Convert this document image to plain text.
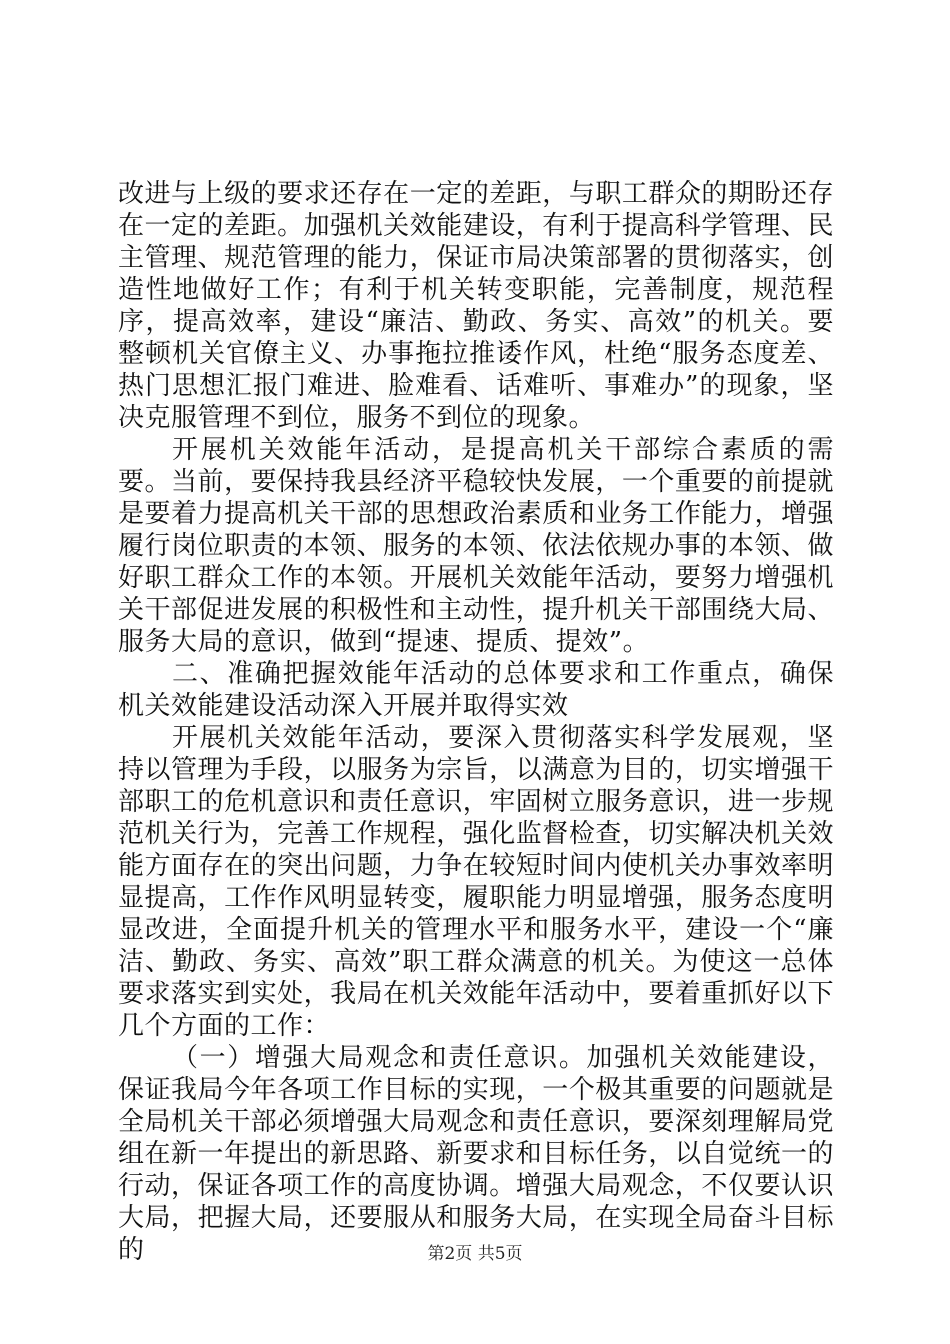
改进与上级的要求还存在一定的差距，与职工群众的期盼还存在一定的差距。加强机关效能建设，有利于提高科学管理、民主管理、规范管理的能力，保证市局决策部署的贯彻落实，创造性地做好工作；有利于机关转变职能，完善制度，规范程序，提高效率，建设“廉洁、勤政、务实、高效”的机关。要整顿机关官僚主义、办事拖拉推诿作风，杜绝“服务态度差、热门思想汇报门难进、脸难看、话难听、事难办”的现象，坚决克服管理不到位，服务不到位的现象。

开展机关效能年活动，是提高机关干部综合素质的需要。当前，要保持我县经济平稳较快发展，一个重要的前提就是要着力提高机关干部的思想政治素质和业务工作能力，增强履行岗位职责的本领、服务的本领、依法依规办事的本领、做好职工群众工作的本领。开展机关效能年活动，要努力增强机关干部促进发展的积极性和主动性，提升机关干部围绕大局、服务大局的意识，做到“提速、提质、提效”。

二、准确把握效能年活动的总体要求和工作重点，确保机关效能建设活动深入开展并取得实效

开展机关效能年活动，要深入贯彻落实科学发展观，坚持以管理为手段，以服务为宗旨，以满意为目的，切实增强干部职工的危机意识和责任意识，牢固树立服务意识，进一步规范机关行为，完善工作规程，强化监督检查，切实解决机关效能方面存在的突出问题，力争在较短时间内使机关办事效率明显提高，工作作风明显转变，履职能力明显增强，服务态度明显改进，全面提升机关的管理水平和服务水平，建设一个“廉洁、勤政、务实、高效”职工群众满意的机关。为使这一总体要求落实到实处，我局在机关效能年活动中，要着重抓好以下几个方面的工作：

（一）增强大局观念和责任意识。加强机关效能建设，保证我局今年各项工作目标的实现，一个极其重要的问题就是全局机关干部必须增强大局观念和责任意识，要深刻理解局党组在新一年提出的新思路、新要求和目标任务，以自觉统一的行动，保证各项工作的高度协调。增强大局观念，不仅要认识大局，把握大局，还要服从和服务大局，在实现全局奋斗目标的	第2页 共5页
